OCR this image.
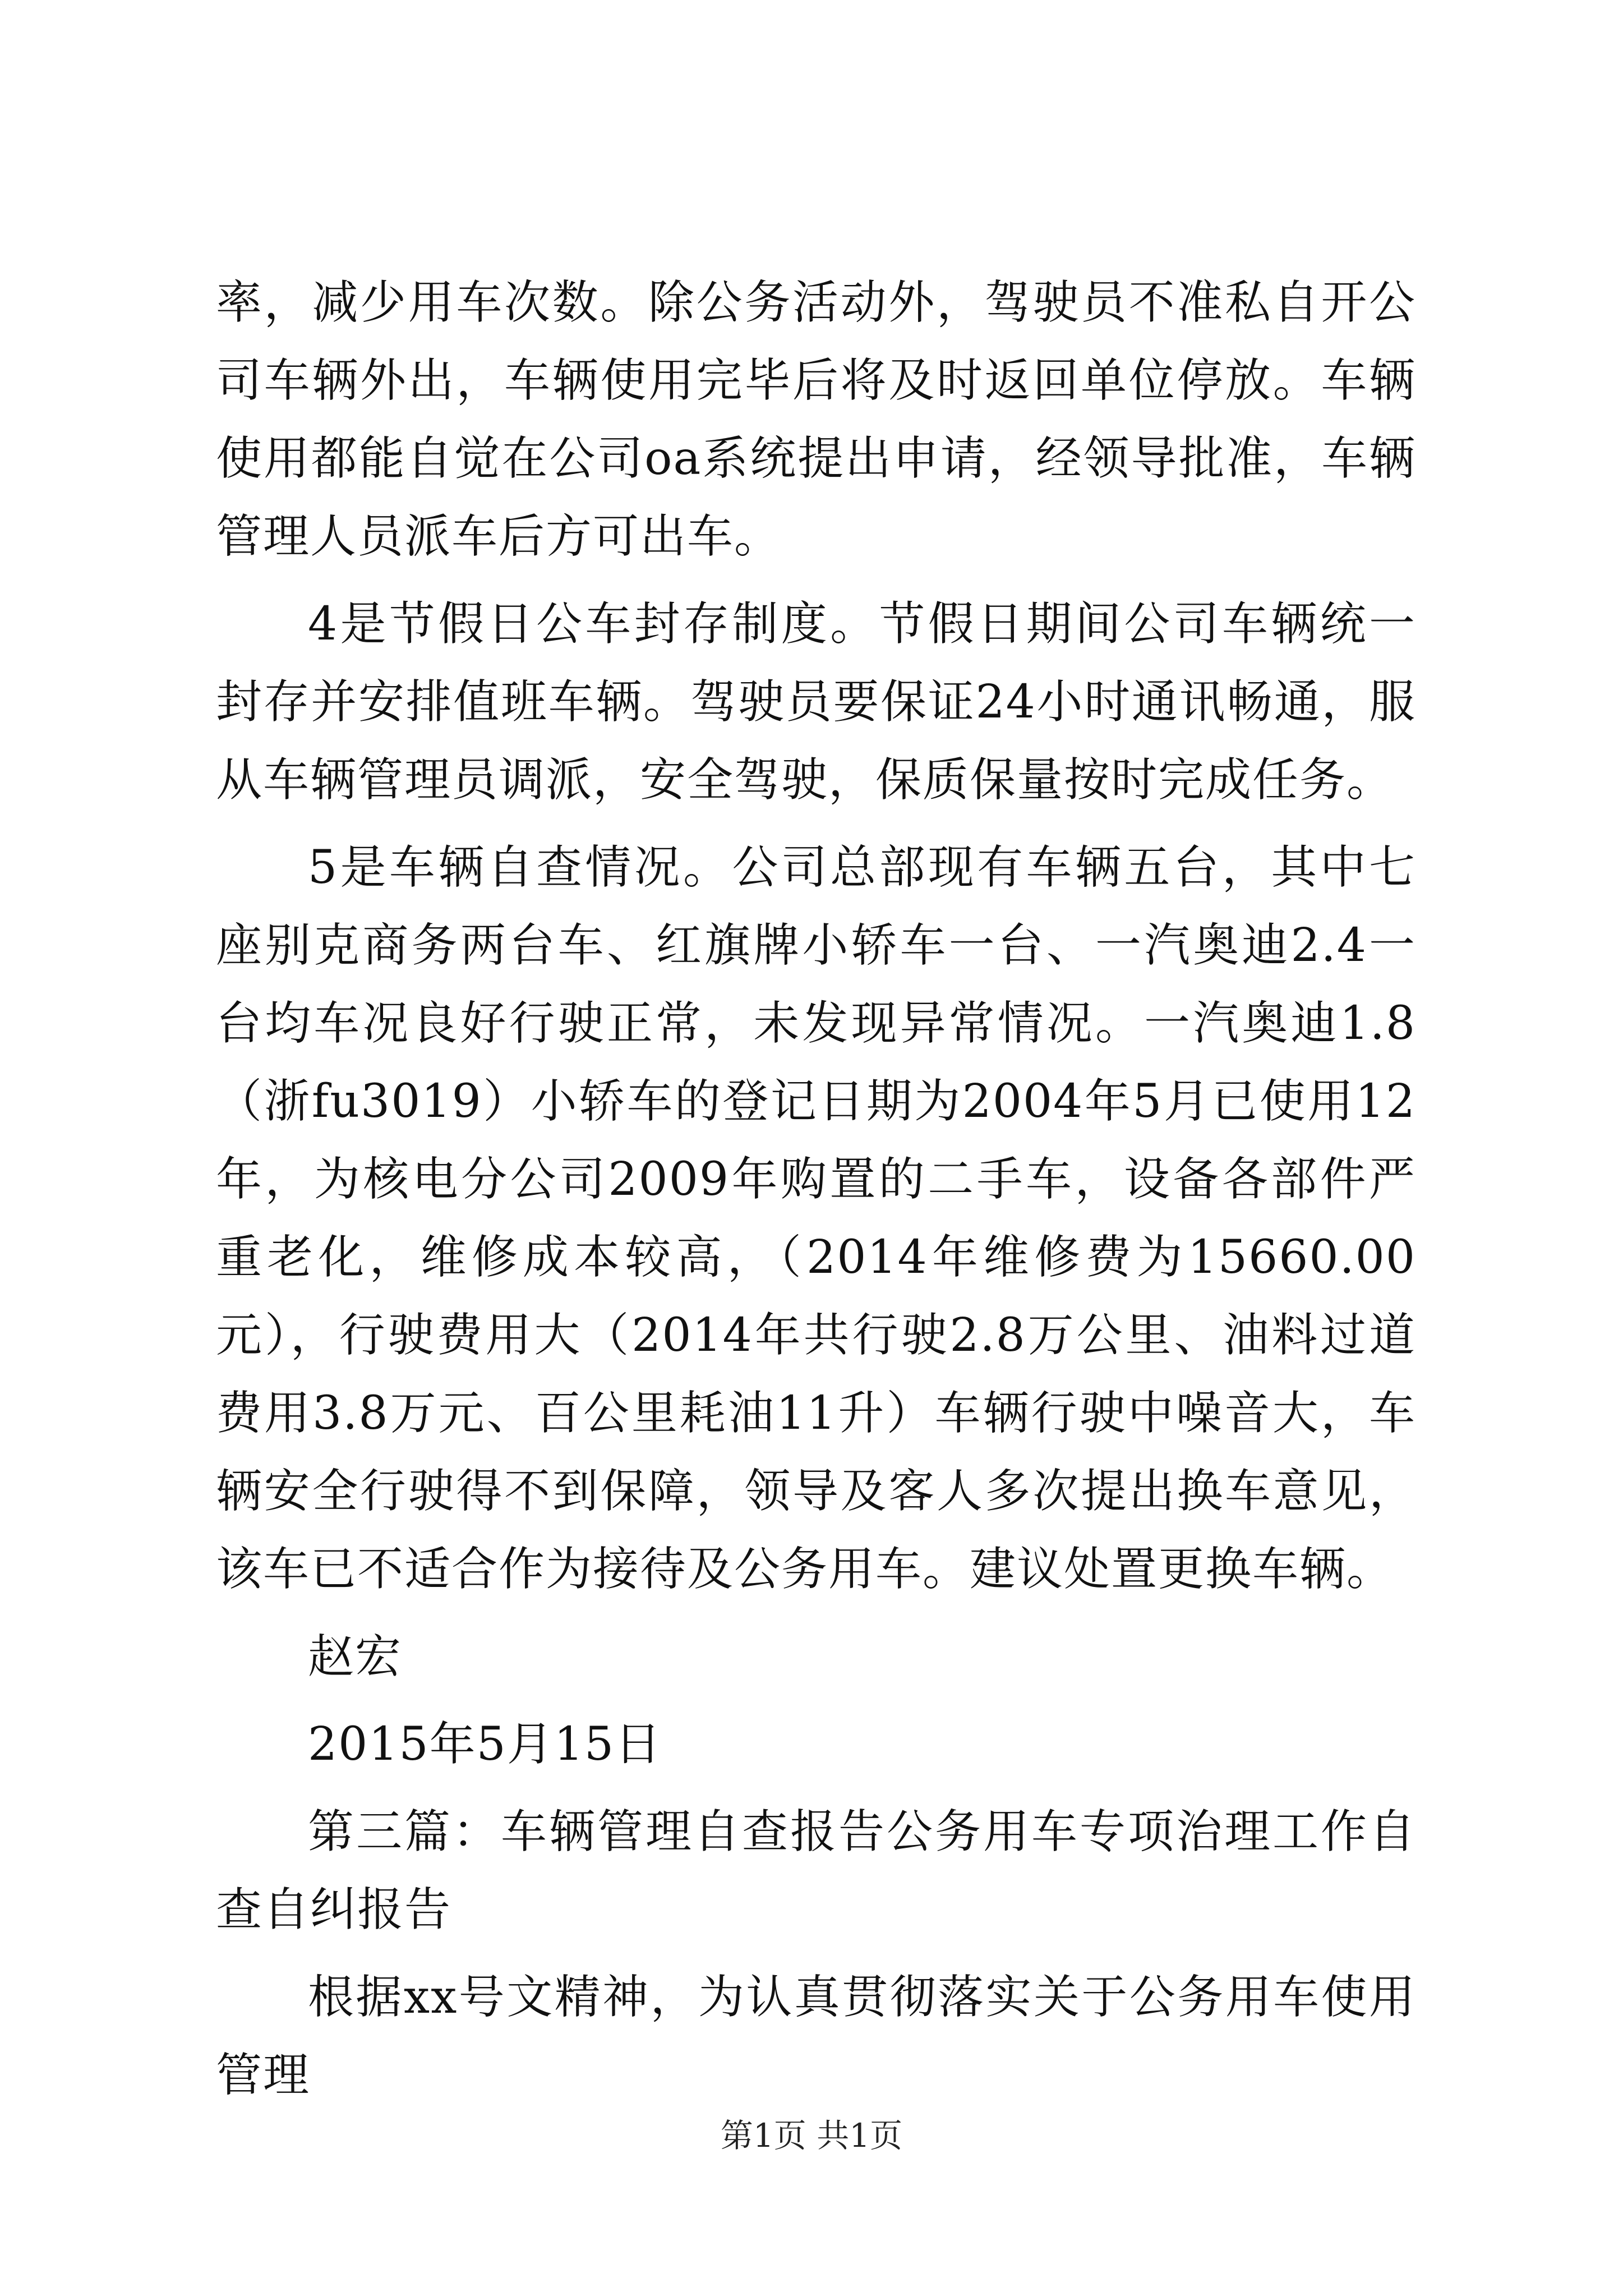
率，减少用车次数。除公务活动外，驾驶员不准私自开公司车辆外出，车辆使用完毕后将及时返回单位停放。车辆使用都能自觉在公司oa系统提出申请，经领导批准，车辆管理人员派车后方可出车。

4是节假日公车封存制度。节假日期间公司车辆统一封存并安排值班车辆。驾驶员要保证24小时通讯畅通，服从车辆管理员调派，安全驾驶，保质保量按时完成任务。

5是车辆自查情况。公司总部现有车辆五台，其中七座别克商务两台车、红旗牌小轿车一台、一汽奥迪2.4一台均车况良好行驶正常，未发现异常情况。一汽奥迪1.8（浙fu3019）小轿车的登记日期为2004年5月已使用12年，为核电分公司2009年购置的二手车，设备各部件严重老化，维修成本较高，（2014年维修费为15660.00元），行驶费用大（2014年共行驶2.8万公里、油料过道费用3.8万元、百公里耗油11升）车辆行驶中噪音大，车辆安全行驶得不到保障，领导及客人多次提出换车意见，该车已不适合作为接待及公务用车。建议处置更换车辆。

赵宏

2015年5月15日

第三篇：车辆管理自查报告公务用车专项治理工作自查自纠报告

根据xx号文精神，为认真贯彻落实关于公务用车使用管理

第1页 共1页
